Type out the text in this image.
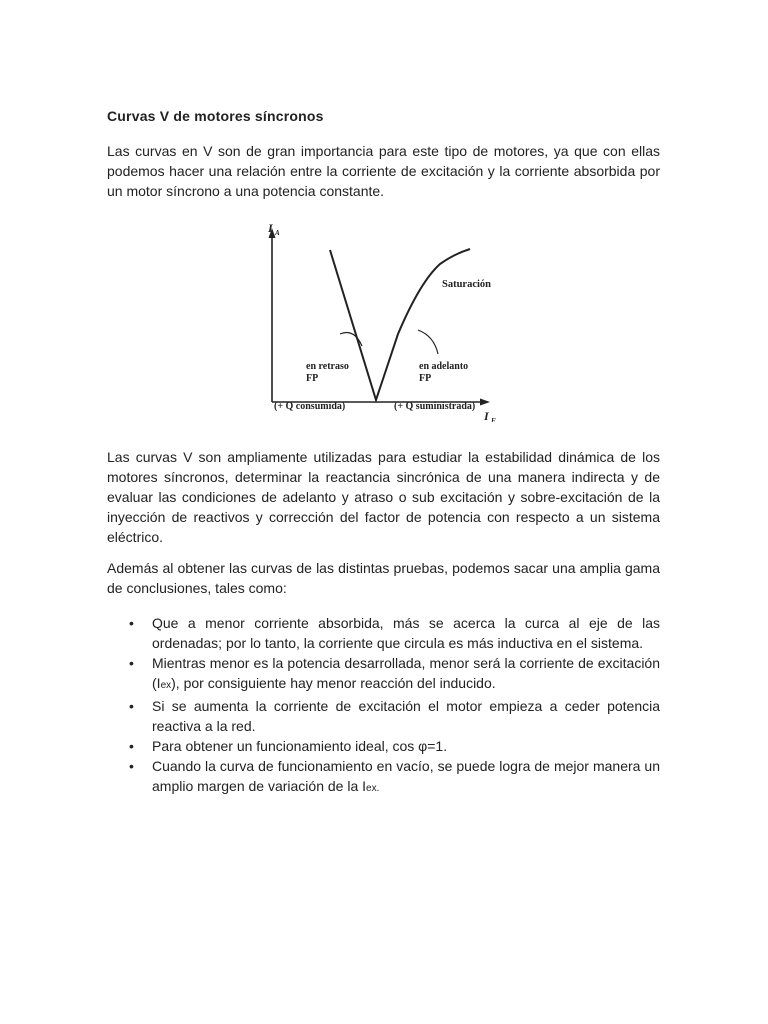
Curvas V de motores síncronos

Las curvas en V son de gran importancia para este tipo de motores, ya que con ellas podemos hacer una relación entre la corriente de excitación y la corriente absorbida por un motor síncrono a una potencia constante.

I A
I F
Saturación
en retraso
FP
en adelanto
FP
(+ Q consumida)	(+ Q suministrada)

Las curvas V son ampliamente utilizadas para estudiar la estabilidad dinámica de los motores síncronos, determinar la reactancia sincrónica de una manera indirecta y de evaluar las condiciones de adelanto y atraso o sub excitación y sobre-excitación de la inyección de reactivos y corrección del factor de potencia con respecto a un sistema eléctrico.

Además al obtener las curvas de las distintas pruebas, podemos sacar una amplia gama de conclusiones, tales como:

• Que a menor corriente absorbida, más se acerca la curca al eje de las ordenadas; por lo tanto, la corriente que circula es más inductiva en el sistema.
• Mientras menor es la potencia desarrollada, menor será la corriente de excitación (Iex), por consiguiente hay menor reacción del inducido.
• Si se aumenta la corriente de excitación el motor empieza a ceder potencia reactiva a la red.
• Para obtener un funcionamiento ideal, cos φ=1.
• Cuando la curva de funcionamiento en vacío, se puede logra de mejor manera un amplio margen de variación de la Iex.
